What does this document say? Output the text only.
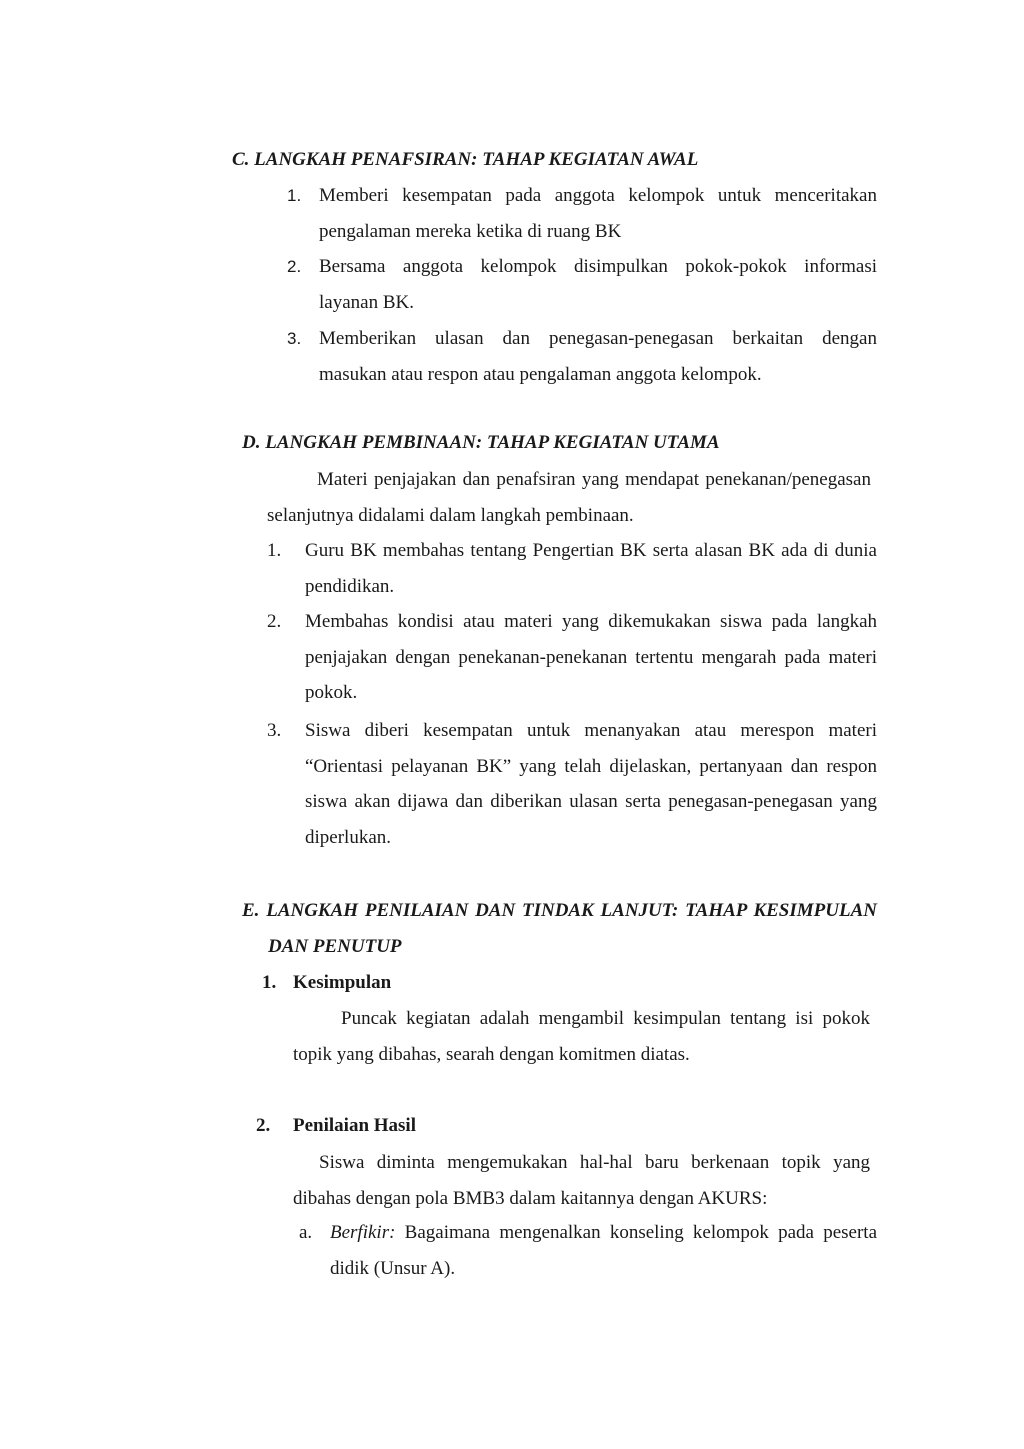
C. LANGKAH PENAFSIRAN: TAHAP KEGIATAN AWAL
1. Memberi kesempatan pada anggota kelompok untuk menceritakan pengalaman mereka ketika di ruang BK
2. Bersama anggota kelompok disimpulkan pokok-pokok informasi layanan BK.
3. Memberikan ulasan dan penegasan-penegasan berkaitan dengan masukan atau respon atau pengalaman anggota kelompok.
D. LANGKAH PEMBINAAN: TAHAP KEGIATAN UTAMA
Materi penjajakan dan penafsiran yang mendapat penekanan/penegasan selanjutnya didalami dalam langkah pembinaan.
1. Guru BK membahas tentang Pengertian BK serta alasan BK ada di dunia pendidikan.
2. Membahas kondisi atau materi yang dikemukakan siswa pada langkah penjajakan dengan penekanan-penekanan tertentu mengarah pada materi pokok.
3. Siswa diberi kesempatan untuk menanyakan atau merespon materi “Orientasi pelayanan BK” yang telah dijelaskan, pertanyaan dan respon siswa akan dijawa dan diberikan ulasan serta penegasan-penegasan yang diperlukan.
E. LANGKAH PENILAIAN DAN TINDAK LANJUT: TAHAP KESIMPULAN DAN PENUTUP
1. Kesimpulan
Puncak kegiatan adalah mengambil kesimpulan tentang isi pokok topik yang dibahas, searah dengan komitmen diatas.
2. Penilaian Hasil
Siswa diminta mengemukakan hal-hal baru berkenaan topik yang dibahas dengan pola BMB3 dalam kaitannya dengan AKURS:
a. Berfikir: Bagaimana mengenalkan konseling kelompok pada peserta didik (Unsur A).
